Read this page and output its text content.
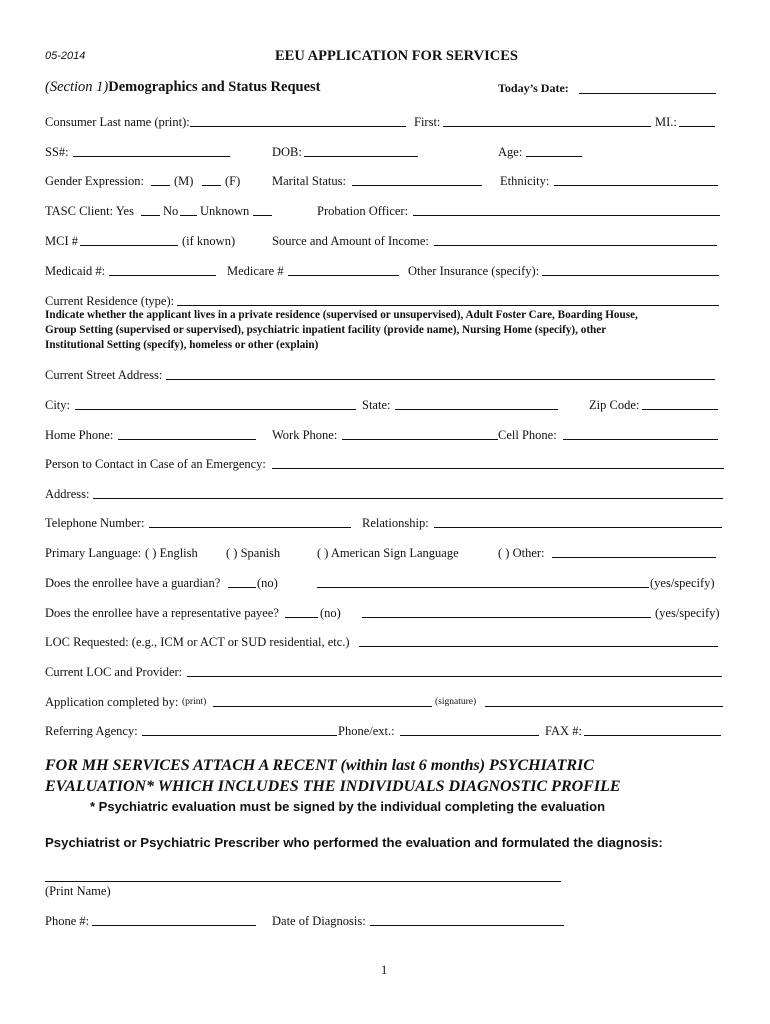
05-2014	EEU APPLICATION FOR SERVICES
(Section 1)Demographics and Status Request	Today’s Date:
Consumer Last name (print):	First:	MI.:
SS#:	DOB:	Age:
Gender Expression: (M)	(F)	Marital Status:	Ethnicity:
TASC Client: Yes No Unknown	Probation Officer:
MCI #	(if known)	Source and Amount of Income:
Medicaid #:	Medicare #	Other Insurance (specify):
Current Residence (type):
Indicate whether the applicant lives in a private residence (supervised or unsupervised), Adult Foster Care, Boarding House,
Group Setting (supervised or supervised), psychiatric inpatient facility (provide name), Nursing Home (specify), other
Institutional Setting (specify), homeless or other (explain)
Current Street Address:
City:	State:	Zip Code:
Home Phone:	Work Phone:	Cell Phone:
Person to Contact in Case of an Emergency:
Address:
Telephone Number:	Relationship:
Primary Language: ( ) English ( ) Spanish	( ) American Sign Language	( ) Other:
Does the enrollee have a guardian?	(no)	(yes/specify)
Does the enrollee have a representative payee?	(no)	(yes/specify)
LOC Requested: (e.g., ICM or ACT or SUD residential, etc.)
Current LOC and Provider:
Application completed by: (print)	(signature)
Referring Agency:	Phone/ext.:	FAX #:
FOR MH SERVICES ATTACH A RECENT (within last 6 months) PSYCHIATRIC
EVALUATION* WHICH INCLUDES THE INDIVIDUALS DIAGNOSTIC PROFILE
* Psychiatric evaluation must be signed by the individual completing the evaluation
Psychiatrist or Psychiatric Prescriber who performed the evaluation and formulated the diagnosis:
(Print Name)
Phone #:	Date of Diagnosis:
1
